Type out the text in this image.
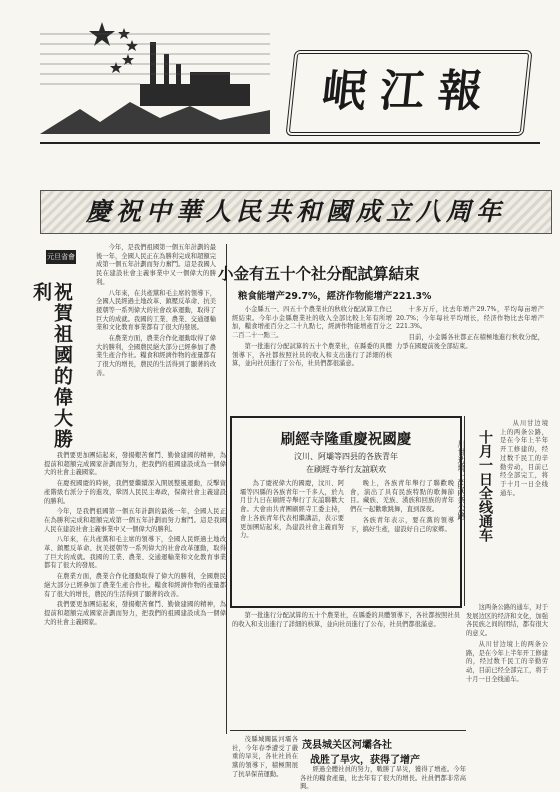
岷江報
慶祝中華人民共和國成立八周年
元旦省會
祝賀祖國的偉大勝利

今年，是我們祖國第一個五年計劃的最後一年，全國人民正在為勝利完成和超額完成第一個五年計劃而努力奮鬥。這是我國人民在建設社會主義事業中又一個偉大的勝利。

八年來，在共產黨和毛主席的領導下，全國人民經過土地改革、鎮壓反革命、抗美援朝等一系列偉大的社會改革運動，取得了巨大的成就。我國的工業、農業、交通運輸業和文化教育事業都有了很大的發展。

在農業方面，農業合作化運動取得了偉大的勝利，全國農民絕大部分已經參加了農業生產合作社。糧食和經濟作物的產量都有了很大的增長，農民的生活得到了顯著的改善。

我們要更加團結起來，發揚艱苦奮鬥、勤儉建國的精神，為提前和超額完成國家計劃而努力，把我們的祖國建設成為一個偉大的社會主義國家。

在慶祝國慶的時候，我們要繼續深入開展整風運動，反擊資產階級右派分子的進攻，鞏固人民民主專政，保衛社會主義建設的勝利。

今年，是我們祖國第一個五年計劃的最後一年，全國人民正在為勝利完成和超額完成第一個五年計劃而努力奮鬥。這是我國人民在建設社會主義事業中又一個偉大的勝利。

八年來，在共產黨和毛主席的領導下，全國人民經過土地改革、鎮壓反革命、抗美援朝等一系列偉大的社會改革運動，取得了巨大的成就。我國的工業、農業、交通運輸業和文化教育事業都有了很大的發展。

在農業方面，農業合作化運動取得了偉大的勝利，全國農民絕大部分已經參加了農業生產合作社。糧食和經濟作物的產量都有了很大的增長，農民的生活得到了顯著的改善。

我們要更加團結起來，發揚艱苦奮鬥、勤儉建國的精神，為提前和超額完成國家計劃而努力，把我們的祖國建設成為一個偉大的社會主義國家。

小金有五十个社分配試算結束
粮食能增产29.7%，經济作物能增产221.3%

小金縣五一、四五十个農業社的秋收分配試算工作已經結束。今年小金縣農業社的收入全部比較上年有所增加，糧食增產百分之二十九點七，經濟作物能增產百分之二百二十一點三。

第一批進行分配試算的五十个農業社，在縣委的具體領導下，各社都按照社员的收入和支出進行了詳細的核算，並向社员進行了公布，社员們都很滿意。

十多万斤，比去年增产29.7%，平均每亩增产20.7%；今年每社平均增长，经济作物比去年增产221.3%。

目前，小金縣各社都正在積極地進行秋收分配，力爭在國慶前後全部結束。

刷經寺隆重慶祝國慶
汶川、阿壩等四县的各族青年
在刷經寺举行友誼联欢

為了慶祝偉大的國慶，汶川、阿壩等四縣的各族青年一千多人，於九月廿九日在刷經寺舉行了友誼聯歡大會。大會由共青團刷經寺工委主持，會上各族青年代表相繼講話，表示要更加團結起來，為建設社會主義而努力。

晚上，各族青年舉行了聯歡晚會，演出了具有民族特點的歌舞節目。藏族、羌族、漢族和回族的青年們在一起歡歌跳舞，直到深夜。

各族青年表示，要在黨的領導下，搞好生產，建設好自己的家鄉。	十月一日全线通车
川甘边境上的两条公路

从川甘边境上的两条公路，是在今年上半年开工修建的，经过数千民工的辛勤劳动，目前已经全部完工，将于十月一日全线通车。

这两条公路的通车，对于发展边区的经济和文化，加强各民族之间的团结，都有很大的意义。

从川甘边境上的两条公路，是在今年上半年开工修建的，经过数千民工的辛勤劳动，目前已经全部完工，将于十月一日全线通车。

第一批進行分配試算的五十个農業社，在縣委的具體領導下，各社都按照社员的收入和支出進行了詳細的核算，並向社员進行了公布，社员們都很滿意。

茂县城关区河壩各社
战胜了旱灾，获得了增产

茂縣城關區河壩各社，今年春季遭受了嚴重的旱災，各社社員在黨的領導下，積極開展了抗旱保苗運動。

經過全體社員的努力，戰勝了旱災，獲得了增產。今年各社的糧食產量，比去年有了很大的增長。社員們都非常高興。
